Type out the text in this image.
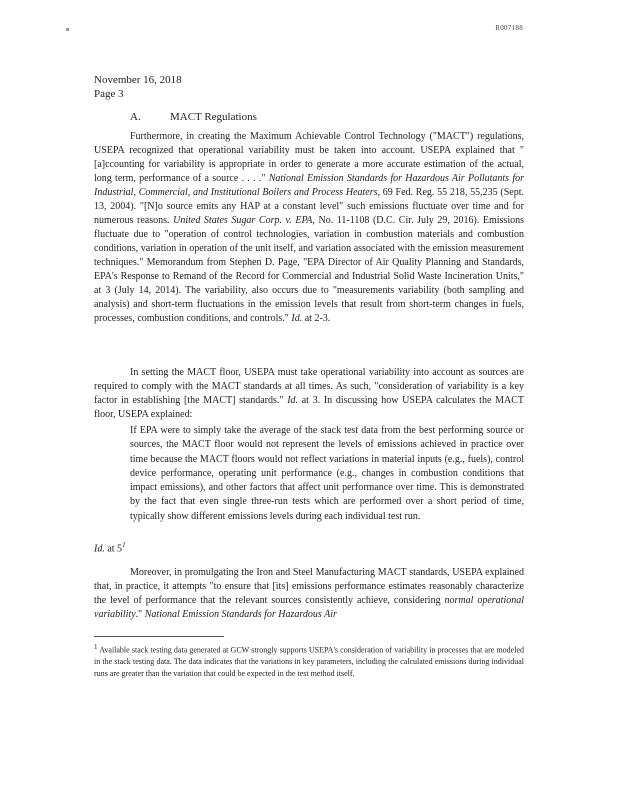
R007188
November 16, 2018
Page 3
A.	MACT Regulations

Furthermore, in creating the Maximum Achievable Control Technology ("MACT") regulations, USEPA recognized that operational variability must be taken into account. USEPA explained that "[a]ccounting for variability is appropriate in order to generate a more accurate estimation of the actual, long term, performance of a source . . . ." National Emission Standards for Hazardous Air Pollutants for Industrial, Commercial, and Institutional Boilers and Process Heaters, 69 Fed. Reg. 55 218, 55,235 (Sept. 13, 2004). "[N]o source emits any HAP at a constant level" such emissions fluctuate over time and for numerous reasons. United States Sugar Corp. v. EPA, No. 11-1108 (D.C. Cir. July 29, 2016). Emissions fluctuate due to "operation of control technologies, variation in combustion materials and combustion conditions, variation in operation of the unit itself, and variation associated with the emission measurement techniques." Memorandum from Stephen D. Page, "EPA Director of Air Quality Planning and Standards, EPA's Response to Remand of the Record for Commercial and Industrial Solid Waste Incineration Units," at 3 (July 14, 2014). The variability, also occurs due to "measurements variability (both sampling and analysis) and short-term fluctuations in the emission levels that result from short-term changes in fuels, processes, combustion conditions, and controls." Id. at 2-3.

In setting the MACT floor, USEPA must take operational variability into account as sources are required to comply with the MACT standards at all times. As such, "consideration of variability is a key factor in establishing [the MACT] standards." Id. at 3. In discussing how USEPA calculates the MACT floor, USEPA explained:

If EPA were to simply take the average of the stack test data from the best performing source or sources, the MACT floor would not represent the levels of emissions achieved in practice over time because the MACT floors would not reflect variations in material inputs (e.g., fuels), control device performance, operating unit performance (e.g., changes in combustion conditions that impact emissions), and other factors that affect unit performance over time. This is demonstrated by the fact that even single three-run tests which are performed over a short period of time, typically show different emissions levels during each individual test run.

Id. at $5^1$

Moreover, in promulgating the Iron and Steel Manufacturing MACT standards, USEPA explained that, in practice, it attempts "to ensure that [its] emissions performance estimates reasonably characterize the level of performance that the relevant sources consistently achieve, considering normal operational variability." National Emission Standards for Hazardous Air

$^1$ Available stack testing data generated at GCW strongly supports USEPA's consideration of variability in processes that are modeled in the stack testing data. The data indicates that the variations in key parameters, including the calculated emissions during individual runs are greater than the variation that could be expected in the test method itself.
